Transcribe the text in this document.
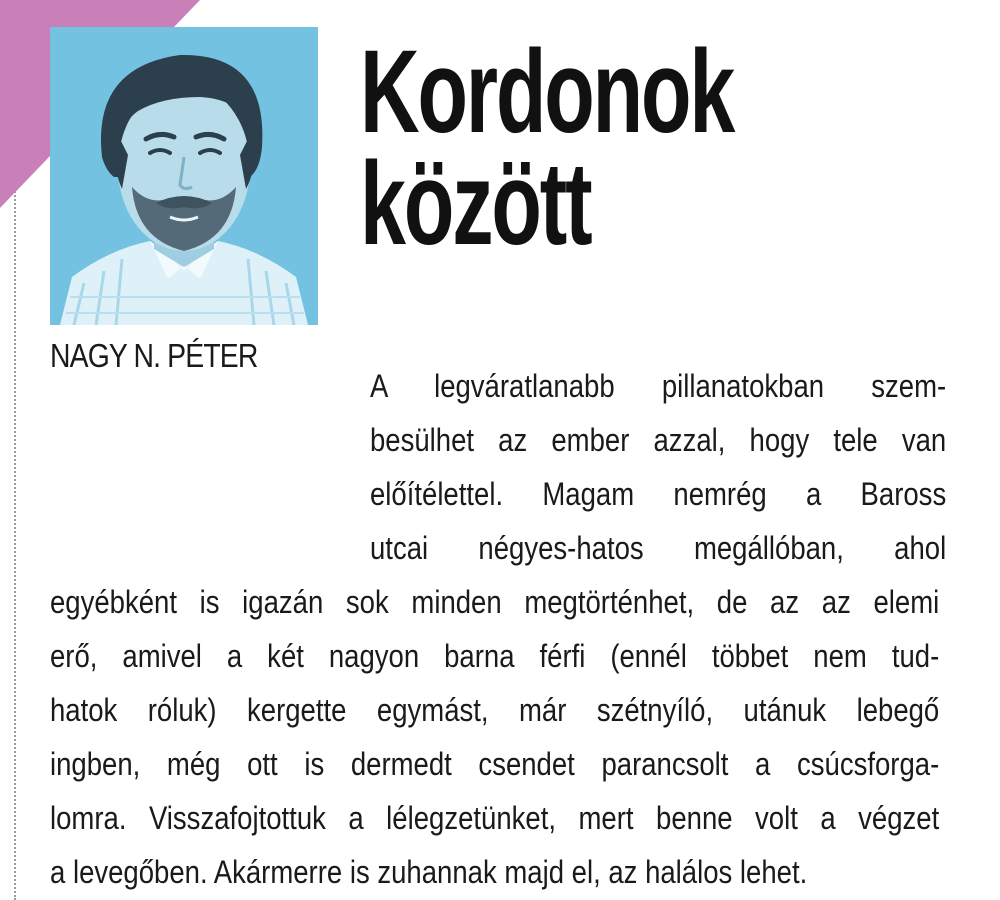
NAGY N. PÉTER
Kordonok
között
A legváratlanabb pillanatokban szem-
besülhet az ember azzal, hogy tele van
előítélettel. Magam nemrég a Baross
utcai négyes-hatos megállóban, ahol
egyébként is igazán sok minden megtörténhet, de az az elemi
erő, amivel a két nagyon barna férfi (ennél többet nem tud-
hatok róluk) kergette egymást, már szétnyíló, utánuk lebegő
ingben, még ott is dermedt csendet parancsolt a csúcsforga-
lomra. Visszafojtottuk a lélegzetünket, mert benne volt a végzet
a levegőben. Akármerre is zuhannak majd el, az halálos lehet.
